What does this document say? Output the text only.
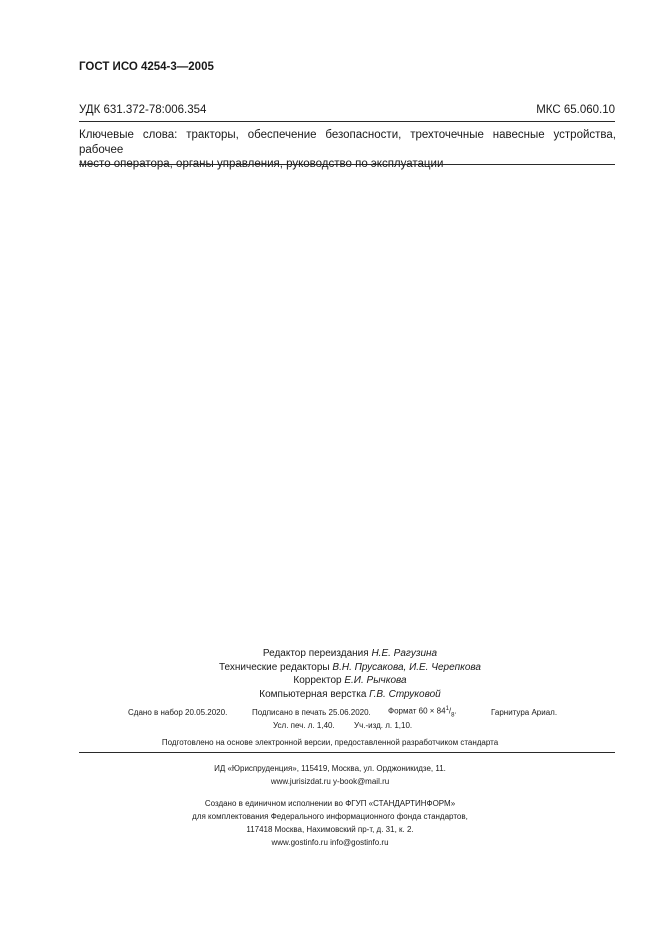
ГОСТ ИСО 4254-3—2005
УДК 631.372-78:006.354	МКС 65.060.10
Ключевые слова: тракторы, обеспечение безопасности, трехточечные навесные устройства, рабочее
место оператора, органы управления, руководство по эксплуатации
Редактор переиздания Н.Е. Рагузина
Технические редакторы В.Н. Прусакова, И.Е. Черепкова
Корректор Е.И. Рычкова
Компьютерная верстка Г.В. Струковой
Сдано в набор 20.05.2020.	Подписано в печать 25.06.2020. Формат $60 \times 84^1/_8$.	Гарнитура Ариал.
Усл. печ. л. 1,40. Уч.-изд. л. 1,10.
Подготовлено на основе электронной версии, предоставленной разработчиком стандарта
ИД «Юриспруденция», 115419, Москва, ул. Орджоникидзе, 11.
www.jurisizdat.ru y-book@mail.ru
Создано в единичном исполнении во ФГУП «СТАНДАРТИНФОРМ»
для комплектования Федерального информационного фонда стандартов,
117418 Москва, Нахимовский пр-т, д. 31, к. 2.
www.gostinfo.ru info@gostinfo.ru
